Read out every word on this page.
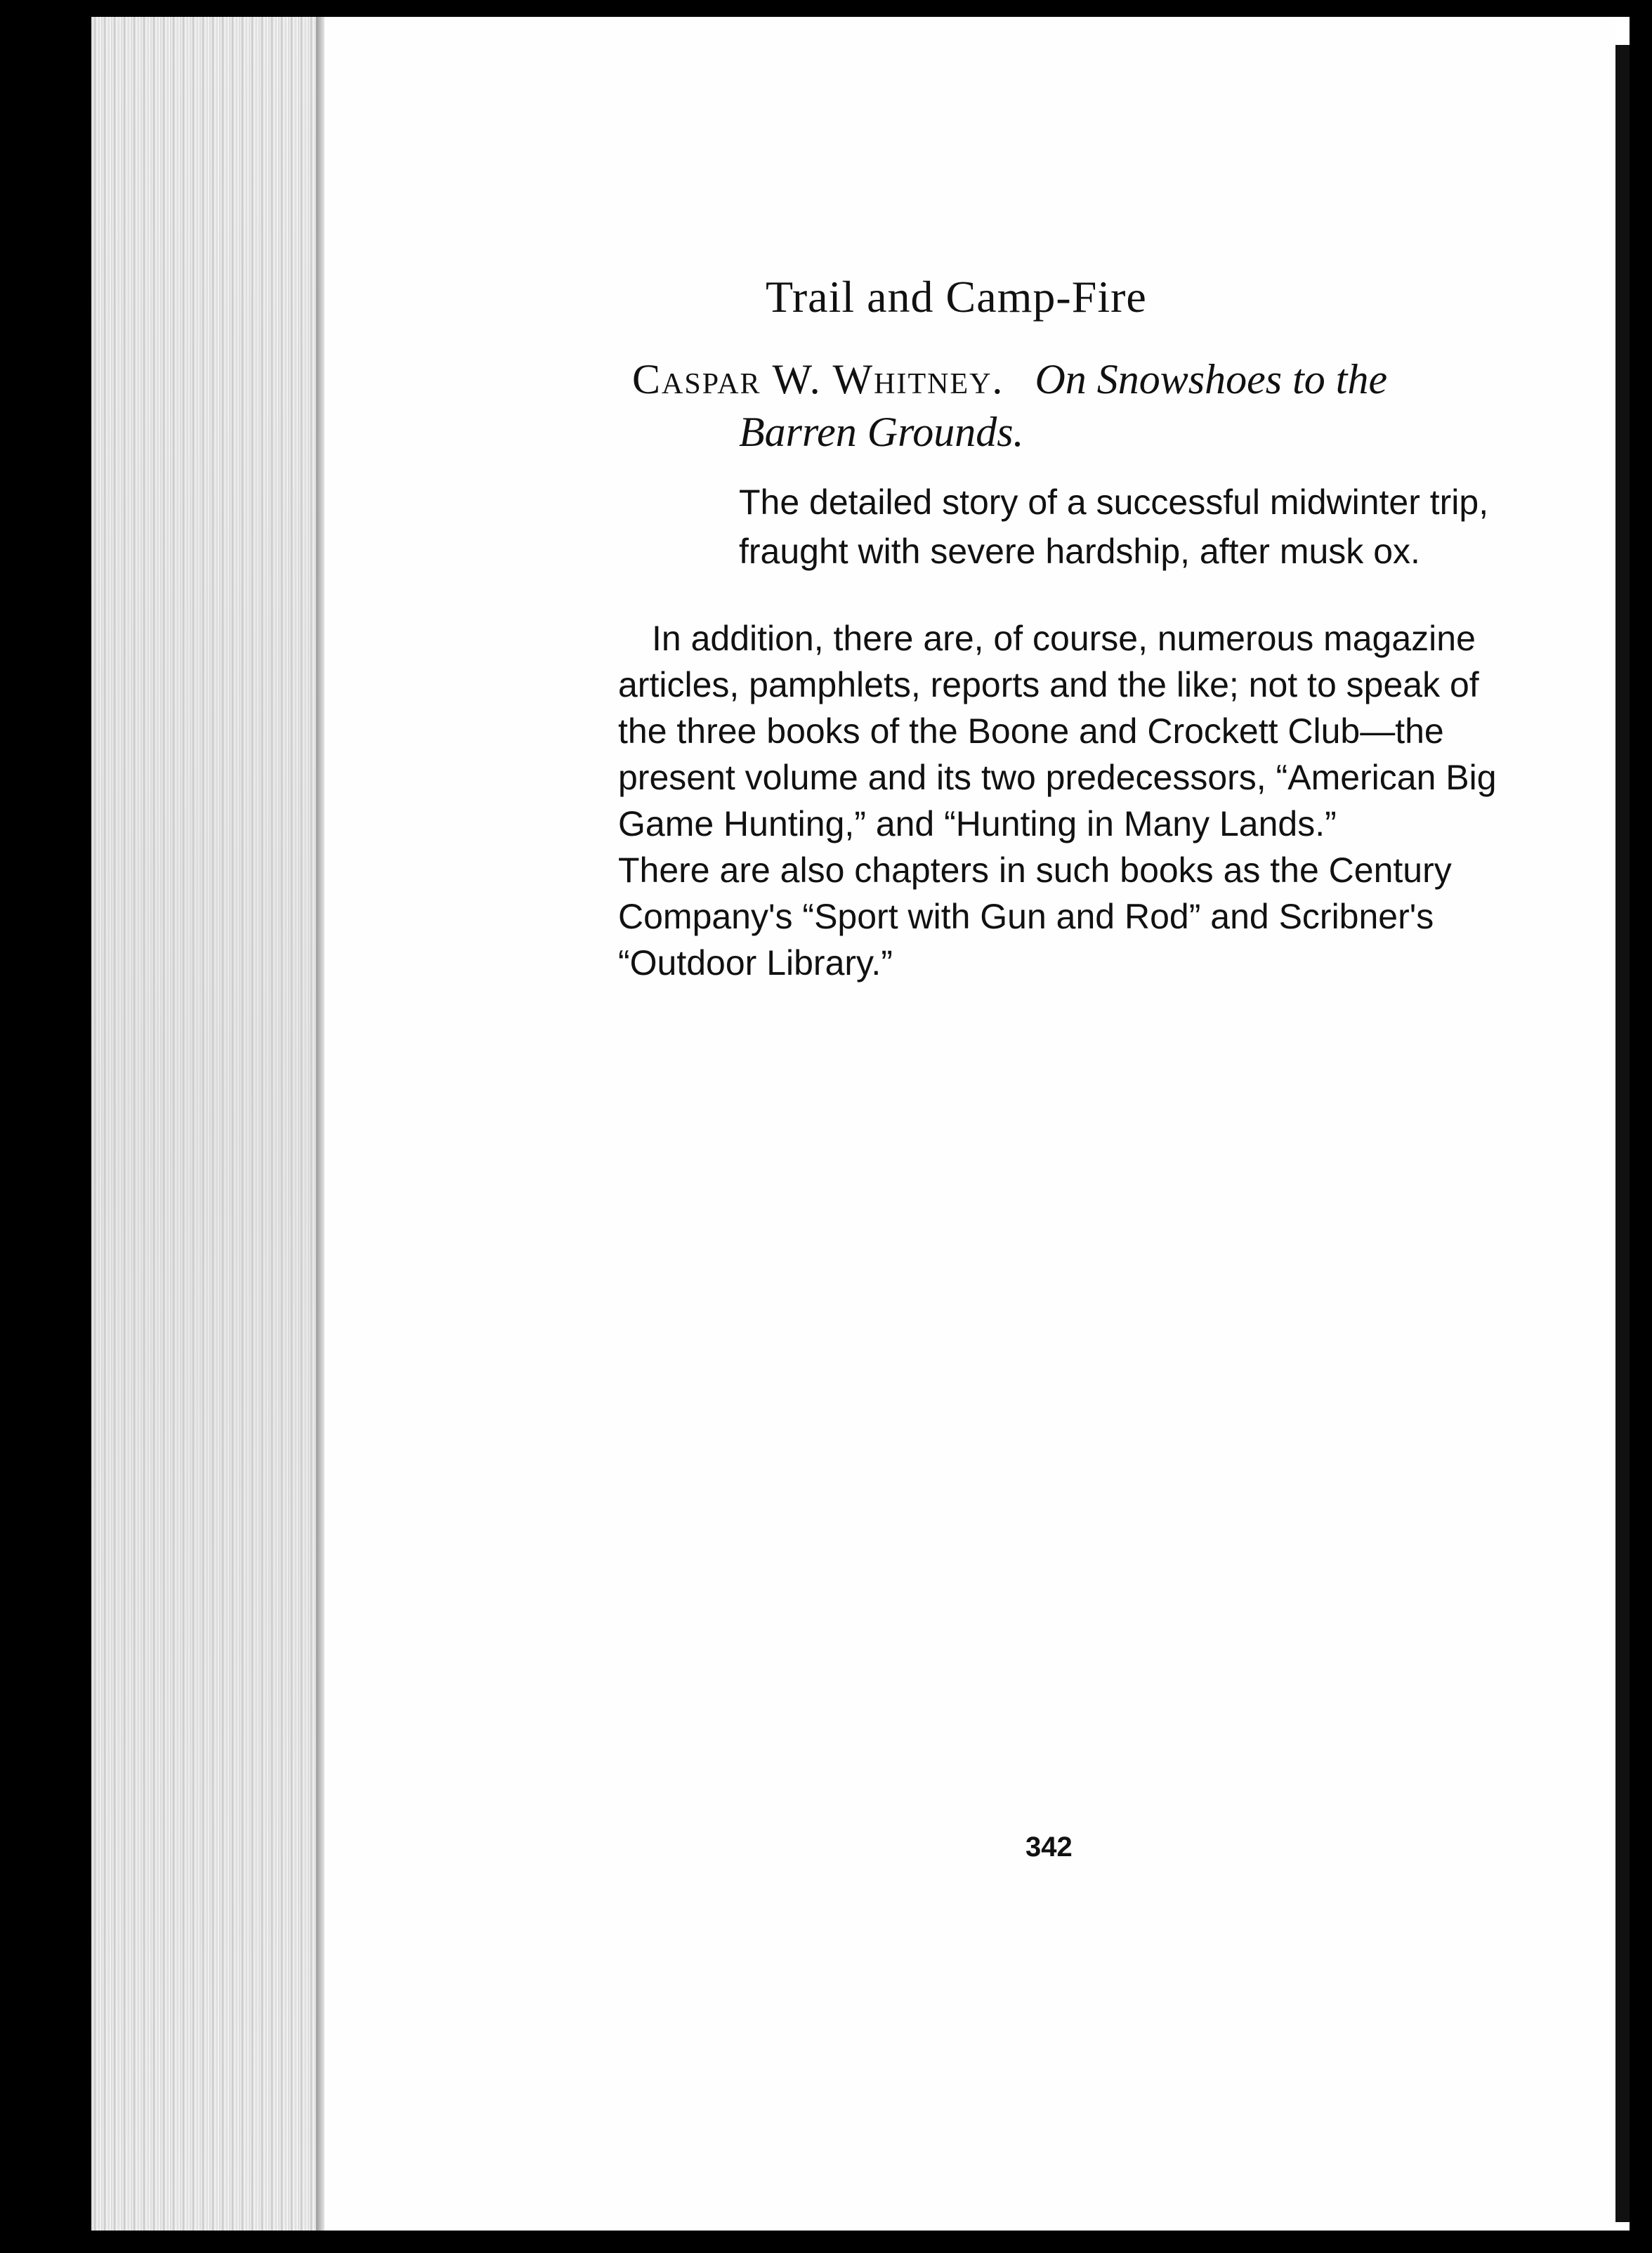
Trail and Camp-Fire
Caspar W. Whitney. On Snowshoes to the
Barren Grounds.
The detailed story of a successful midwinter trip,
fraught with severe hardship, after musk ox.
In addition, there are, of course, numerous magazine
articles, pamphlets, reports and the like; not to speak of
the three books of the Boone and Crockett Club—the
present volume and its two predecessors, “American Big
Game Hunting,” and “Hunting in Many Lands.”
There are also chapters in such books as the Century
Company's “Sport with Gun and Rod” and Scribner's
“Outdoor Library.”
342
